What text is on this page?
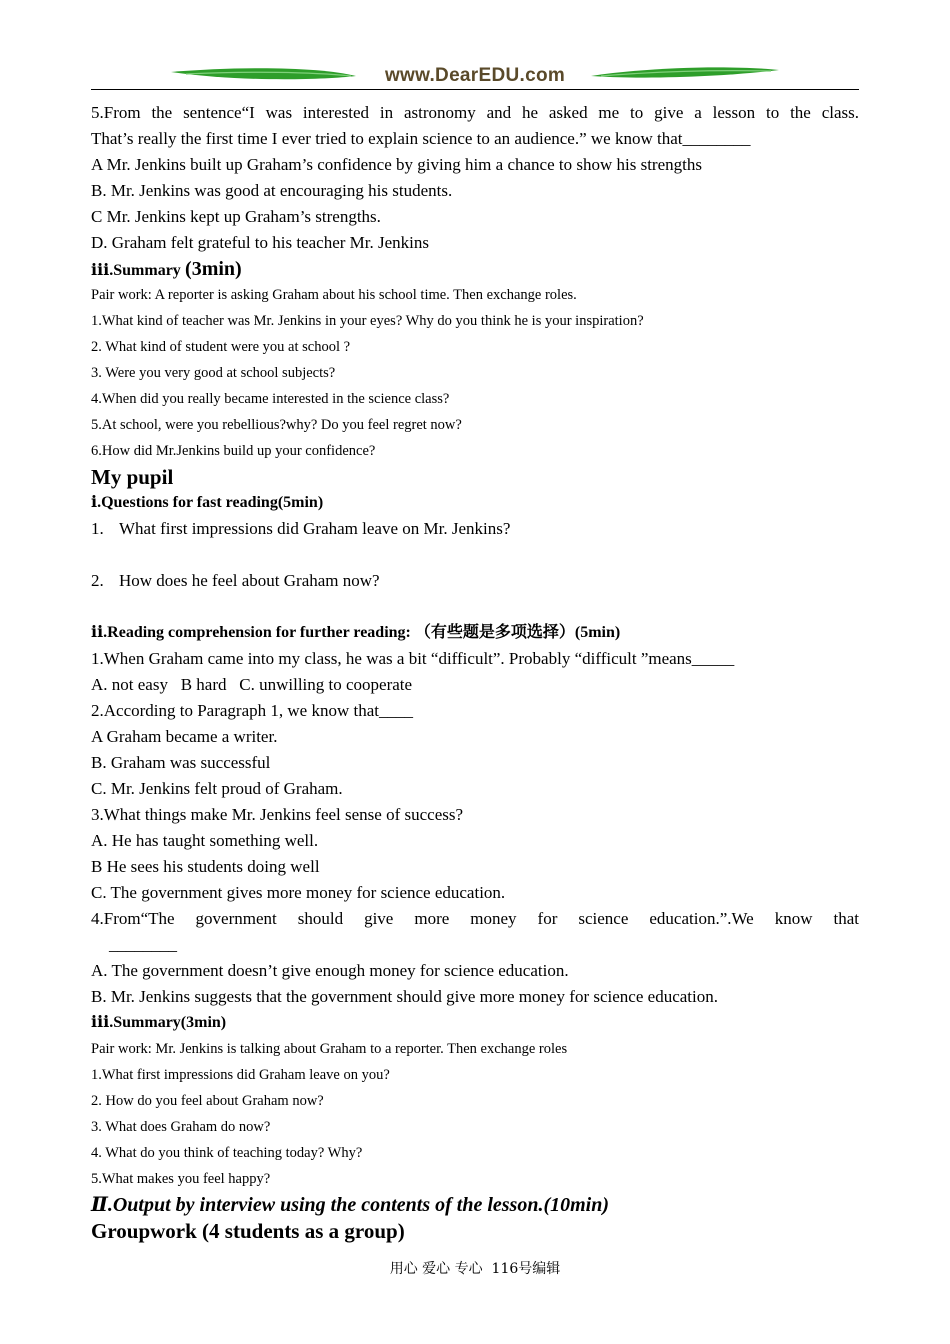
www.DearEDU.com
5.From the sentence“I was interested in astronomy and he asked me to give a lesson to the class.
That’s really the first time I ever tried to explain science to an audience.” we know that________
A Mr. Jenkins built up Graham’s confidence by giving him a chance to show his strengths
B. Mr. Jenkins was good at encouraging his students.
C Mr. Jenkins kept up Graham’s strengths.
D. Graham felt grateful to his teacher Mr. Jenkins
ⅲ.Summary (3min)
Pair work: A reporter is asking Graham about his school time. Then exchange roles.
1.What kind of teacher was Mr. Jenkins in your eyes? Why do you think he is your inspiration?
2. What kind of student were you at school ?
3. Were you very good at school subjects?
4.When did you really became interested in the science class?
5.At school, were you rebellious?why? Do you feel regret now?
6.How did Mr.Jenkins build up your confidence?
My pupil
ⅰ.Questions for fast reading(5min)
1. What first impressions did Graham leave on Mr. Jenkins?
2. How does he feel about Graham now?
ⅱ.Reading comprehension for further reading: （有些题是多项选择）(5min)
1.When Graham came into my class, he was a bit “difficult”. Probably “difficult ”means_____
A. not easy   B hard   C. unwilling to cooperate
2.According to Paragraph 1, we know that____
A Graham became a writer.
B. Graham was successful
C. Mr. Jenkins felt proud of Graham.
3.What things make Mr. Jenkins feel sense of success?
A. He has taught something well.
B He sees his students doing well
C. The government gives more money for science education.
4.From“The government should give more money for science education.”.We know that
________
A. The government doesn’t give enough money for science education.
B. Mr. Jenkins suggests that the government should give more money for science education.
ⅲ.Summary(3min)
Pair work: Mr. Jenkins is talking about Graham to a reporter. Then exchange roles
1.What first impressions did Graham leave on you?
2. How do you feel about Graham now?
3. What does Graham do now?
4. What do you think of teaching today? Why?
5.What makes you feel happy?
Ⅱ.Output by interview using the contents of the lesson.(10min)
Groupwork (4 students as a group)
用心 爱心 专心  116号编辑
